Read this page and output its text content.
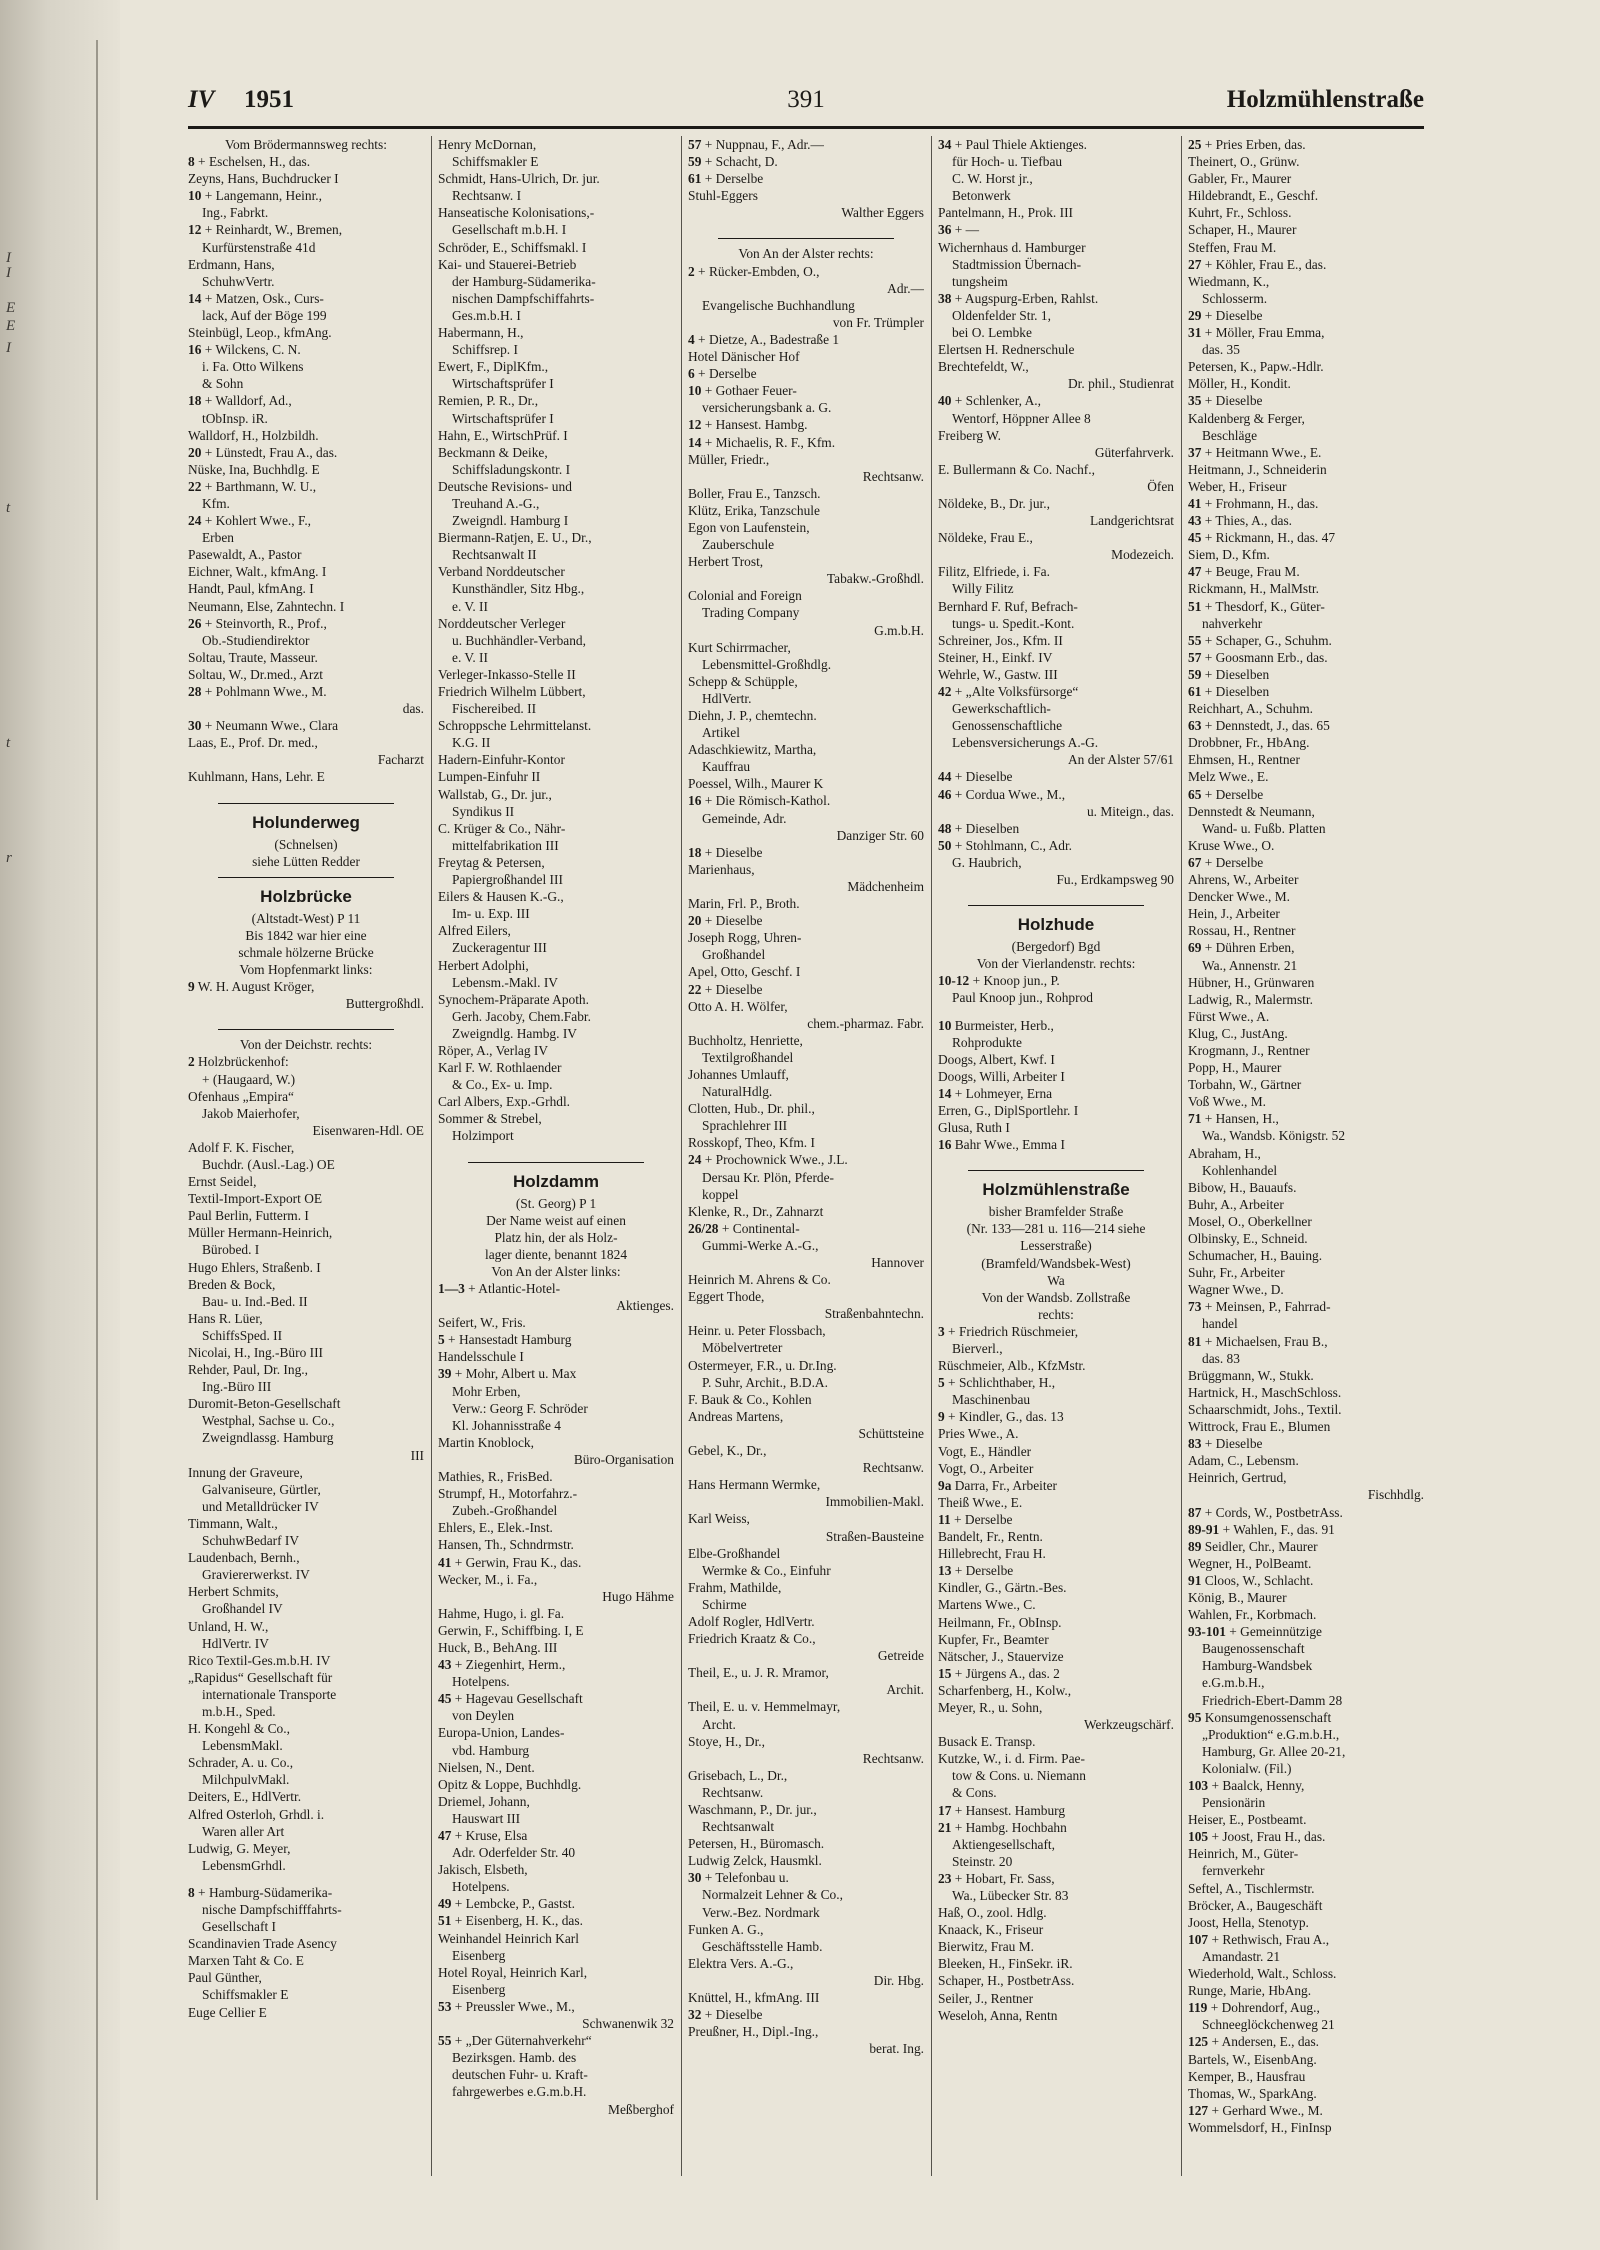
I
I
E
E
I
t
t
r
IV 1951	391	Holzmühlenstraße
Vom Brödermannsweg rechts:
8 + Eschelsen, H., das.
Zeyns, Hans, Buchdrucker I
10 + Langemann, Heinr.,
Ing., Fabrkt.
12 + Reinhardt, W., Bremen,
Kurfürstenstraße 41d
Erdmann, Hans,
SchuhwVertr.
14 + Matzen, Osk., Curs-
lack, Auf der Böge 199
Steinbügl, Leop., kfmAng.
16 + Wilckens, C. N.
i. Fa. Otto Wilkens
& Sohn
18 + Walldorf, Ad.,
tObInsp. iR.
Walldorf, H., Holzbildh.
20 + Lünstedt, Frau A., das.
Nüske, Ina, Buchhdlg. E
22 + Barthmann, W. U.,
Kfm.
24 + Kohlert Wwe., F.,
Erben
Pasewaldt, A., Pastor
Eichner, Walt., kfmAng. I
Handt, Paul, kfmAng. I
Neumann, Else, Zahntechn. I
26 + Steinvorth, R., Prof.,
Ob.-Studiendirektor
Soltau, Traute, Masseur.
Soltau, W., Dr.med., Arzt
28 + Pohlmann Wwe., M.
das.
30 + Neumann Wwe., Clara
Laas, E., Prof. Dr. med.,
Facharzt
Kuhlmann, Hans, Lehr. E
Holunderweg
(Schnelsen)
siehe Lütten Redder
Holzbrücke
(Altstadt-West) P 11
Bis 1842 war hier eine
schmale hölzerne Brücke
Vom Hopfenmarkt links:
9 W. H. August Kröger,
Buttergroßhdl.
Von der Deichstr. rechts:
2 Holzbrückenhof:
+ (Haugaard, W.)
Ofenhaus „Empira“
Jakob Maierhofer,
Eisenwaren-Hdl. OE
Adolf F. K. Fischer,
Buchdr. (Ausl.-Lag.) OE
Ernst Seidel,
Textil-Import-Export OE
Paul Berlin, Futterm. I
Müller Hermann-Heinrich,
Bürobed. I
Hugo Ehlers, Straßenb. I
Breden & Bock,
Bau- u. Ind.-Bed. II
Hans R. Lüer,
SchiffsSped. II
Nicolai, H., Ing.-Büro III
Rehder, Paul, Dr. Ing.,
Ing.-Büro III
Duromit-Beton-Gesellschaft
Westphal, Sachse u. Co.,
Zweigndlassg. Hamburg
III
Innung der Graveure,
Galvaniseure, Gürtler,
und Metalldrücker IV
Timmann, Walt.,
SchuhwBedarf IV
Laudenbach, Bernh.,
Graviererwerkst. IV
Herbert Schmits,
Großhandel IV
Unland, H. W.,
HdlVertr. IV
Rico Textil-Ges.m.b.H. IV
„Rapidus“ Gesellschaft für
internationale Transporte
m.b.H., Sped.
H. Kongehl & Co.,
LebensmMakl.
Schrader, A. u. Co.,
MilchpulvMakl.
Deiters, E., HdlVertr.
Alfred Osterloh, Grhdl. i.
Waren aller Art
Ludwig, G. Meyer,
LebensmGrhdl.
8 + Hamburg-Südamerika-
nische Dampfschifffahrts-
Gesellschaft I
Scandinavien Trade Asency
Marxen Taht & Co. E
Paul Günther,
Schiffsmakler E
Euge Cellier E
Henry McDornan,
Schiffsmakler E
Schmidt, Hans-Ulrich, Dr. jur.
Rechtsanw. I
Hanseatische Kolonisations,-
Gesellschaft m.b.H. I
Schröder, E., Schiffsmakl. I
Kai- und Stauerei-Betrieb
der Hamburg-Südamerika-
nischen Dampfschiffahrts-
Ges.m.b.H. I
Habermann, H.,
Schiffsrep. I
Ewert, F., DiplKfm.,
Wirtschaftsprüfer I
Remien, P. R., Dr.,
Wirtschaftsprüfer I
Hahn, E., WirtschPrüf. I
Beckmann & Deike,
Schiffsladungskontr. I
Deutsche Revisions- und
Treuhand A.-G.,
Zweigndl. Hamburg I
Biermann-Ratjen, E. U., Dr.,
Rechtsanwalt II
Verband Norddeutscher
Kunsthändler, Sitz Hbg.,
e. V. II
Norddeutscher Verleger
u. Buchhändler-Verband,
e. V. II
Verleger-Inkasso-Stelle II
Friedrich Wilhelm Lübbert,
Fischereibed. II
Schroppsche Lehrmittelanst.
K.G. II
Hadern-Einfuhr-Kontor
Lumpen-Einfuhr II
Wallstab, G., Dr. jur.,
Syndikus II
C. Krüger & Co., Nähr-
mittelfabrikation III
Freytag & Petersen,
Papiergroßhandel III
Eilers & Hausen K.-G.,
Im- u. Exp. III
Alfred Eilers,
Zuckeragentur III
Herbert Adolphi,
Lebensm.-Makl. IV
Synochem-Präparate Apoth.
Gerh. Jacoby, Chem.Fabr.
Zweigndlg. Hambg. IV
Röper, A., Verlag IV
Karl F. W. Rothlaender
& Co., Ex- u. Imp.
Carl Albers, Exp.-Grhdl.
Sommer & Strebel,
Holzimport
Holzdamm
(St. Georg) P 1
Der Name weist auf einen
Platz hin, der als Holz-
lager diente, benannt 1824
Von An der Alster links:
1—3 + Atlantic-Hotel-
Aktienges.
Seifert, W., Fris.
5 + Hansestadt Hamburg
Handelsschule I
39 + Mohr, Albert u. Max
Mohr Erben,
Verw.: Georg F. Schröder
Kl. Johannisstraße 4
Martin Knoblock,
Büro-Organisation
Mathies, R., FrisBed.
Strumpf, H., Motorfahrz.-
Zubeh.-Großhandel
Ehlers, E., Elek.-Inst.
Hansen, Th., Schndrmstr.
41 + Gerwin, Frau K., das.
Wecker, M., i. Fa.,
Hugo Hähme
Hahme, Hugo, i. gl. Fa.
Gerwin, F., Schiffbing. I, E
Huck, B., BehAng. III
43 + Ziegenhirt, Herm.,
Hotelpens.
45 + Hagevau Gesellschaft
von Deylen
Europa-Union, Landes-
vbd. Hamburg
Nielsen, N., Dent.
Opitz & Loppe, Buchhdlg.
Driemel, Johann,
Hauswart III
47 + Kruse, Elsa
Adr. Oderfelder Str. 40
Jakisch, Elsbeth,
Hotelpens.
49 + Lembcke, P., Gastst.
51 + Eisenberg, H. K., das.
Weinhandel Heinrich Karl
Eisenberg
Hotel Royal, Heinrich Karl,
Eisenberg
53 + Preussler Wwe., M.,
Schwanenwik 32
55 + „Der Güternahverkehr“
Bezirksgen. Hamb. des
deutschen Fuhr- u. Kraft-
fahrgewerbes e.G.m.b.H.
Meßberghof
57 + Nuppnau, F., Adr.—
59 + Schacht, D.
61 + Derselbe
Stuhl-Eggers
Walther Eggers
Von An der Alster rechts:
2 + Rücker-Embden, O.,
Adr.—
Evangelische Buchhandlung
von Fr. Trümpler
4 + Dietze, A., Badestraße 1
Hotel Dänischer Hof
6 + Derselbe
10 + Gothaer Feuer-
versicherungsbank a. G.
12 + Hansest. Hambg.
14 + Michaelis, R. F., Kfm.
Müller, Friedr.,
Rechtsanw.
Boller, Frau E., Tanzsch.
Klütz, Erika, Tanzschule
Egon von Laufenstein,
Zauberschule
Herbert Trost,
Tabakw.-Großhdl.
Colonial and Foreign
Trading Company
G.m.b.H.
Kurt Schirrmacher,
Lebensmittel-Großhdlg.
Schepp & Schüpple,
HdlVertr.
Diehn, J. P., chemtechn.
Artikel
Adaschkiewitz, Martha,
Kauffrau
Poessel, Wilh., Maurer K
16 + Die Römisch-Kathol.
Gemeinde, Adr.
Danziger Str. 60
18 + Dieselbe
Marienhaus,
Mädchenheim
Marin, Frl. P., Broth.
20 + Dieselbe
Joseph Rogg, Uhren-
Großhandel
Apel, Otto, Geschf. I
22 + Dieselbe
Otto A. H. Wölfer,
chem.-pharmaz. Fabr.
Buchholtz, Henriette,
Textilgroßhandel
Johannes Umlauff,
NaturalHdlg.
Clotten, Hub., Dr. phil.,
Sprachlehrer III
Rosskopf, Theo, Kfm. I
24 + Prochownick Wwe., J.L.
Dersau Kr. Plön, Pferde-
koppel
Klenke, R., Dr., Zahnarzt
26/28 + Continental-
Gummi-Werke A.-G.,
Hannover
Heinrich M. Ahrens & Co.
Eggert Thode,
Straßenbahntechn.
Heinr. u. Peter Flossbach,
Möbelvertreter
Ostermeyer, F.R., u. Dr.Ing.
P. Suhr, Archit., B.D.A.
F. Bauk & Co., Kohlen
Andreas Martens,
Schüttsteine
Gebel, K., Dr.,
Rechtsanw.
Hans Hermann Wermke,
Immobilien-Makl.
Karl Weiss,
Straßen-Bausteine
Elbe-Großhandel
Wermke & Co., Einfuhr
Frahm, Mathilde,
Schirme
Adolf Rogler, HdlVertr.
Friedrich Kraatz & Co.,
Getreide
Theil, E., u. J. R. Mramor,
Archit.
Theil, E. u. v. Hemmelmayr,
Archt.
Stoye, H., Dr.,
Rechtsanw.
Grisebach, L., Dr.,
Rechtsanw.
Waschmann, P., Dr. jur.,
Rechtsanwalt
Petersen, H., Büromasch.
Ludwig Zelck, Hausmkl.
30 + Telefonbau u.
Normalzeit Lehner & Co.,
Verw.-Bez. Nordmark
Funken A. G.,
Geschäftsstelle Hamb.
Elektra Vers. A.-G.,
Dir. Hbg.
Knüttel, H., kfmAng. III
32 + Dieselbe
Preußner, H., Dipl.-Ing.,
berat. Ing.
34 + Paul Thiele Aktienges.
für Hoch- u. Tiefbau
C. W. Horst jr.,
Betonwerk
Pantelmann, H., Prok. III
36 + —
Wichernhaus d. Hamburger
Stadtmission Übernach-
tungsheim
38 + Augspurg-Erben, Rahlst.
Oldenfelder Str. 1,
bei O. Lembke
Elertsen H. Rednerschule
Brechtefeldt, W.,
Dr. phil., Studienrat
40 + Schlenker, A.,
Wentorf, Höppner Allee 8
Freiberg W.
Güterfahrverk.
E. Bullermann & Co. Nachf.,
Öfen
Nöldeke, B., Dr. jur.,
Landgerichtsrat
Nöldeke, Frau E.,
Modezeich.
Filitz, Elfriede, i. Fa.
Willy Filitz
Bernhard F. Ruf, Befrach-
tungs- u. Spedit.-Kont.
Schreiner, Jos., Kfm. II
Steiner, H., Einkf. IV
Wehrle, W., Gastw. III
42 + „Alte Volksfürsorge“
Gewerkschaftlich-
Genossenschaftliche
Lebensversicherungs A.-G.
An der Alster 57/61
44 + Dieselbe
46 + Cordua Wwe., M.,
u. Miteign., das.
48 + Dieselben
50 + Stohlmann, C., Adr.
G. Haubrich,
Fu., Erdkampsweg 90
Holzhude
(Bergedorf) Bgd
Von der Vierlandenstr. rechts:
10-12 + Knoop jun., P.
Paul Knoop jun., Rohprod
10 Burmeister, Herb.,
Rohprodukte
Doogs, Albert, Kwf. I
Doogs, Willi, Arbeiter I
14 + Lohmeyer, Erna
Erren, G., DiplSportlehr. I
Glusa, Ruth I
16 Bahr Wwe., Emma I
Holzmühlenstraße
bisher Bramfelder Straße
(Nr. 133—281 u. 116—214 siehe
Lesserstraße)
(Bramfeld/Wandsbek-West)
Wa
Von der Wandsb. Zollstraße
rechts:
3 + Friedrich Rüschmeier,
Bierverl.,
Rüschmeier, Alb., KfzMstr.
5 + Schlichthaber, H.,
Maschinenbau
9 + Kindler, G., das. 13
Pries Wwe., A.
Vogt, E., Händler
Vogt, O., Arbeiter
9a Darra, Fr., Arbeiter
Theiß Wwe., E.
11 + Derselbe
Bandelt, Fr., Rentn.
Hillebrecht, Frau H.
13 + Derselbe
Kindler, G., Gärtn.-Bes.
Martens Wwe., C.
Heilmann, Fr., ObInsp.
Kupfer, Fr., Beamter
Nätscher, J., Stauervize
15 + Jürgens A., das. 2
Scharfenberg, H., Kolw.,
Meyer, R., u. Sohn,
Werkzeugschärf.
Busack E. Transp.
Kutzke, W., i. d. Firm. Pae-
tow & Cons. u. Niemann
& Cons.
17 + Hansest. Hamburg
21 + Hambg. Hochbahn
Aktiengesellschaft,
Steinstr. 20
23 + Hobart, Fr. Sass,
Wa., Lübecker Str. 83
Haß, O., zool. Hdlg.
Knaack, K., Friseur
Bierwitz, Frau M.
Bleeken, H., FinSekr. iR.
Schaper, H., PostbetrAss.
Seiler, J., Rentner
Weseloh, Anna, Rentn
25 + Pries Erben, das.
Theinert, O., Grünw.
Gabler, Fr., Maurer
Hildebrandt, E., Geschf.
Kuhrt, Fr., Schloss.
Schaper, H., Maurer
Steffen, Frau M.
27 + Köhler, Frau E., das.
Wiedmann, K.,
Schlosserm.
29 + Dieselbe
31 + Möller, Frau Emma,
das. 35
Petersen, K., Papw.-Hdlr.
Möller, H., Kondit.
35 + Dieselbe
Kaldenberg & Ferger,
Beschläge
37 + Heitmann Wwe., E.
Heitmann, J., Schneiderin
Weber, H., Friseur
41 + Frohmann, H., das.
43 + Thies, A., das.
45 + Rickmann, H., das. 47
Siem, D., Kfm.
47 + Beuge, Frau M.
Rickmann, H., MalMstr.
51 + Thesdorf, K., Güter-
nahverkehr
55 + Schaper, G., Schuhm.
57 + Goosmann Erb., das.
59 + Dieselben
61 + Dieselben
Reichhart, A., Schuhm.
63 + Dennstedt, J., das. 65
Drobbner, Fr., HbAng.
Ehmsen, H., Rentner
Melz Wwe., E.
65 + Derselbe
Dennstedt & Neumann,
Wand- u. Fußb. Platten
Kruse Wwe., O.
67 + Derselbe
Ahrens, W., Arbeiter
Dencker Wwe., M.
Hein, J., Arbeiter
Rossau, H., Rentner
69 + Dühren Erben,
Wa., Annenstr. 21
Hübner, H., Grünwaren
Ladwig, R., Malermstr.
Fürst Wwe., A.
Klug, C., JustAng.
Krogmann, J., Rentner
Popp, H., Maurer
Torbahn, W., Gärtner
Voß Wwe., M.
71 + Hansen, H.,
Wa., Wandsb. Königstr. 52
Abraham, H.,
Kohlenhandel
Bibow, H., Bauaufs.
Buhr, A., Arbeiter
Mosel, O., Oberkellner
Olbinsky, E., Schneid.
Schumacher, H., Bauing.
Suhr, Fr., Arbeiter
Wagner Wwe., D.
73 + Meinsen, P., Fahrrad-
handel
81 + Michaelsen, Frau B.,
das. 83
Brüggmann, W., Stukk.
Hartnick, H., MaschSchloss.
Schaarschmidt, Johs., Textil.
Wittrock, Frau E., Blumen
83 + Dieselbe
Adam, C., Lebensm.
Heinrich, Gertrud,
Fischhdlg.
87 + Cords, W., PostbetrAss.
89-91 + Wahlen, F., das. 91
89 Seidler, Chr., Maurer
Wegner, H., PolBeamt.
91 Cloos, W., Schlacht.
König, B., Maurer
Wahlen, Fr., Korbmach.
93-101 + Gemeinnützige
Baugenossenschaft
Hamburg-Wandsbek
e.G.m.b.H.,
Friedrich-Ebert-Damm 28
95 Konsumgenossenschaft
„Produktion“ e.G.m.b.H.,
Hamburg, Gr. Allee 20-21,
Kolonialw. (Fil.)
103 + Baalck, Henny,
Pensionärin
Heiser, E., Postbeamt.
105 + Joost, Frau H., das.
Heinrich, M., Güter-
fernverkehr
Seftel, A., Tischlermstr.
Bröcker, A., Baugeschäft
Joost, Hella, Stenotyp.
107 + Rethwisch, Frau A.,
Amandastr. 21
Wiederhold, Walt., Schloss.
Runge, Marie, HbAng.
119 + Dohrendorf, Aug.,
Schneeglöckchenweg 21
125 + Andersen, E., das.
Bartels, W., EisenbAng.
Kemper, B., Hausfrau
Thomas, W., SparkAng.
127 + Gerhard Wwe., M.
Wommelsdorf, H., FinInsp
